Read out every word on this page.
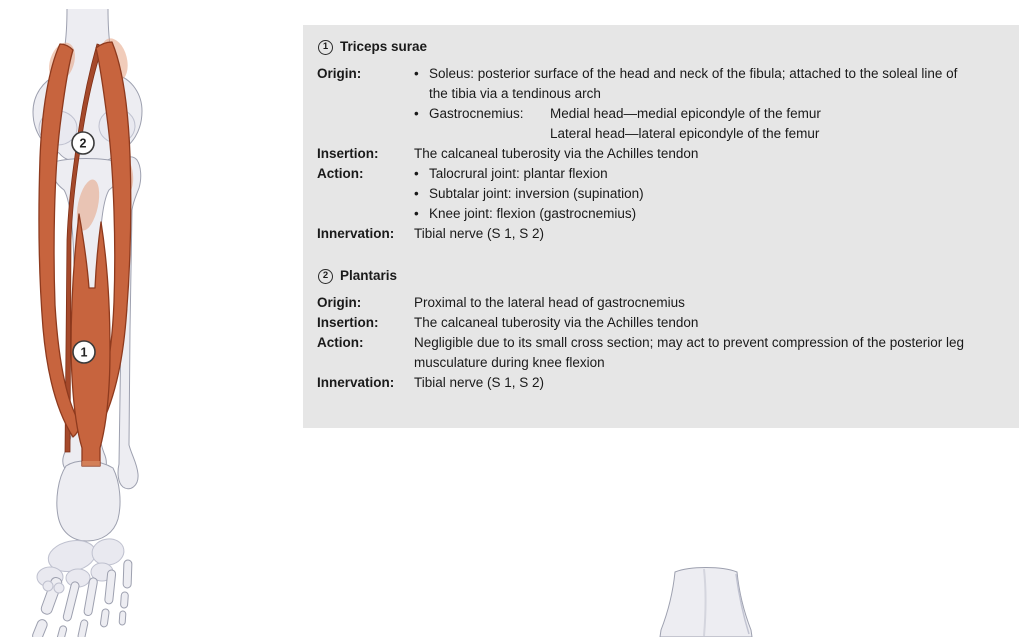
2
1
1 Triceps surae
Origin: •	Soleus: posterior surface of the head and neck of the fibula; attached to the soleal line of the tibia via a tendinous arch
•
Gastrocnemius:	Medial head—medial epicondyle of the femur
Lateral head—lateral epicondyle of the femur
Insertion:	The calcaneal tuberosity via the Achilles tendon
Action: •	Talocrural joint: plantar flexion
•
Subtalar joint: inversion (supination)
•
Knee joint: flexion (gastrocnemius)
Innervation:	Tibial nerve (S 1, S 2)
2 Plantaris
Origin:	Proximal to the lateral head of gastrocnemius
Insertion:	The calcaneal tuberosity via the Achilles tendon
Action:	Negligible due to its small cross section; may act to prevent compression of the posterior leg musculature during knee flexion
Innervation:	Tibial nerve (S 1, S 2)
